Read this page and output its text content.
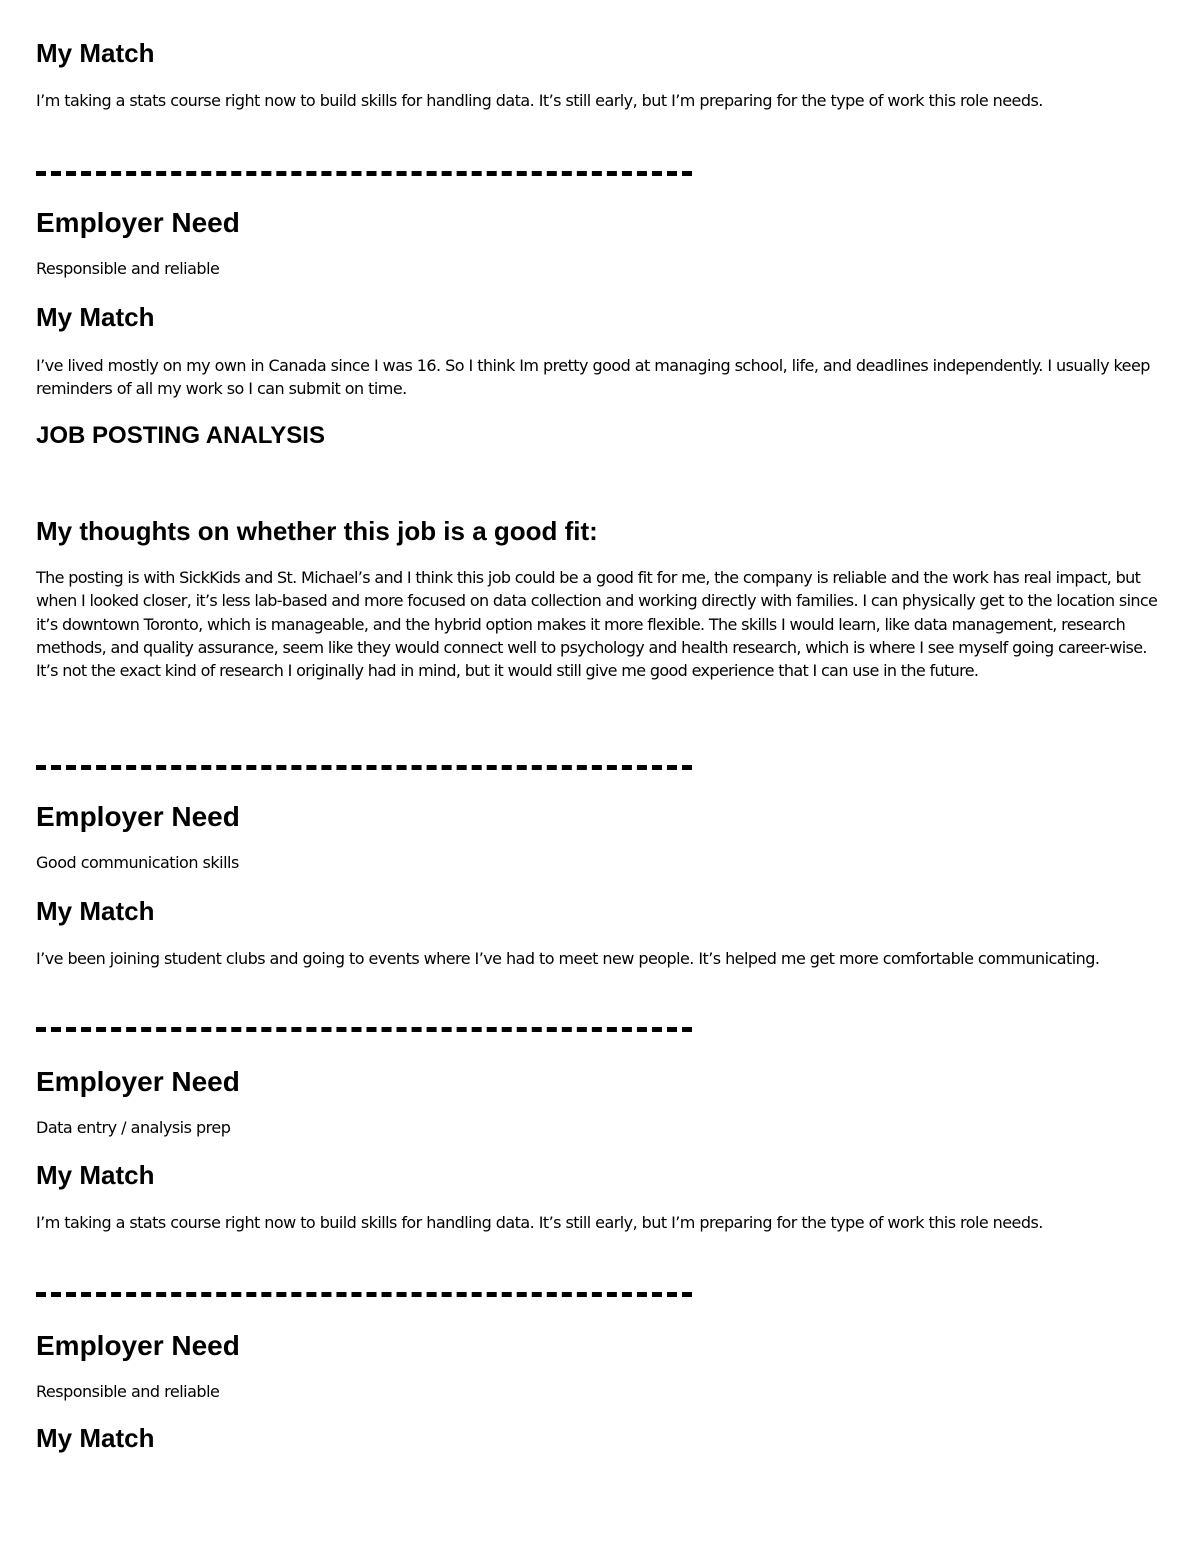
My Match

I’m taking a stats course right now to build skills for handling data. It’s still early, but I’m preparing for the type of work this role needs.

Employer Need

Responsible and reliable

My Match

I’ve lived mostly on my own in Canada since I was 16. So I think Im pretty good at managing school, life, and deadlines independently. I usually keep reminders of all my work so I can submit on time.

JOB POSTING ANALYSIS
My thoughts on whether this job is a good fit:

The posting is with SickKids and St. Michael’s and I think this job could be a good fit for me, the company is reliable and the work has real impact, but when I looked closer, it’s less lab-based and more focused on data collection and working directly with families. I can physically get to the location since it’s downtown Toronto, which is manageable, and the hybrid option makes it more flexible. The skills I would learn, like data management, research methods, and quality assurance, seem like they would connect well to psychology and health research, which is where I see myself going career-wise. It’s not the exact kind of research I originally had in mind, but it would still give me good experience that I can use in the future.

Employer Need

Good communication skills

My Match

I’ve been joining student clubs and going to events where I’ve had to meet new people. It’s helped me get more comfortable communicating.

Employer Need

Data entry / analysis prep

My Match

I’m taking a stats course right now to build skills for handling data. It’s still early, but I’m preparing for the type of work this role needs.

Employer Need

Responsible and reliable

My Match
